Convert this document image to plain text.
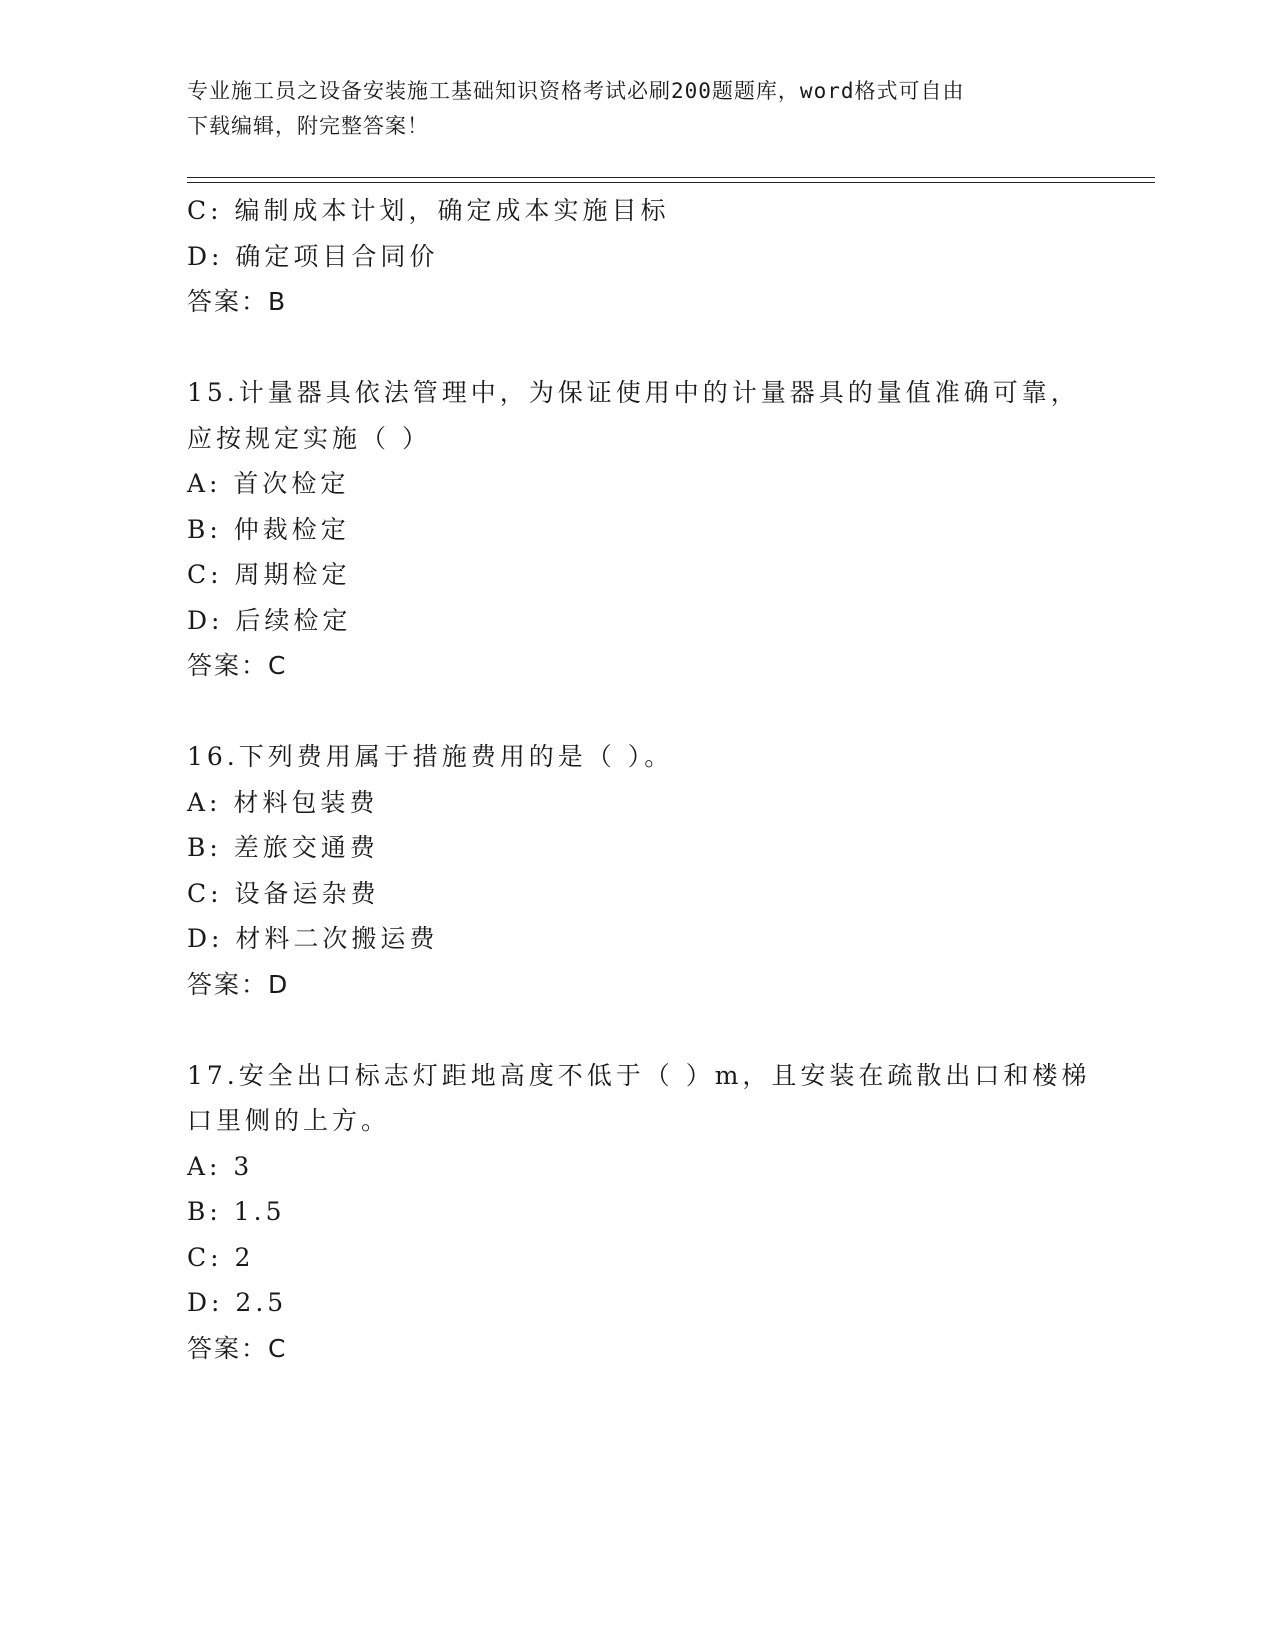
专业施工员之设备安装施工基础知识资格考试必刷200题题库，word格式可自由
下载编辑，附完整答案！
C: 编制成本计划，确定成本实施目标
D: 确定项目合同价
答案：B
15.计量器具依法管理中，为保证使用中的计量器具的量值准确可靠，
应按规定实施（ ）
A: 首次检定
B: 仲裁检定
C: 周期检定
D: 后续检定
答案：C
16.下列费用属于措施费用的是（ ）。
A: 材料包装费
B: 差旅交通费
C: 设备运杂费
D: 材料二次搬运费
答案：D
17.安全出口标志灯距地高度不低于（ ）m，且安装在疏散出口和楼梯
口里侧的上方。
A: 3
B: 1.5
C: 2
D: 2.5
答案：C
